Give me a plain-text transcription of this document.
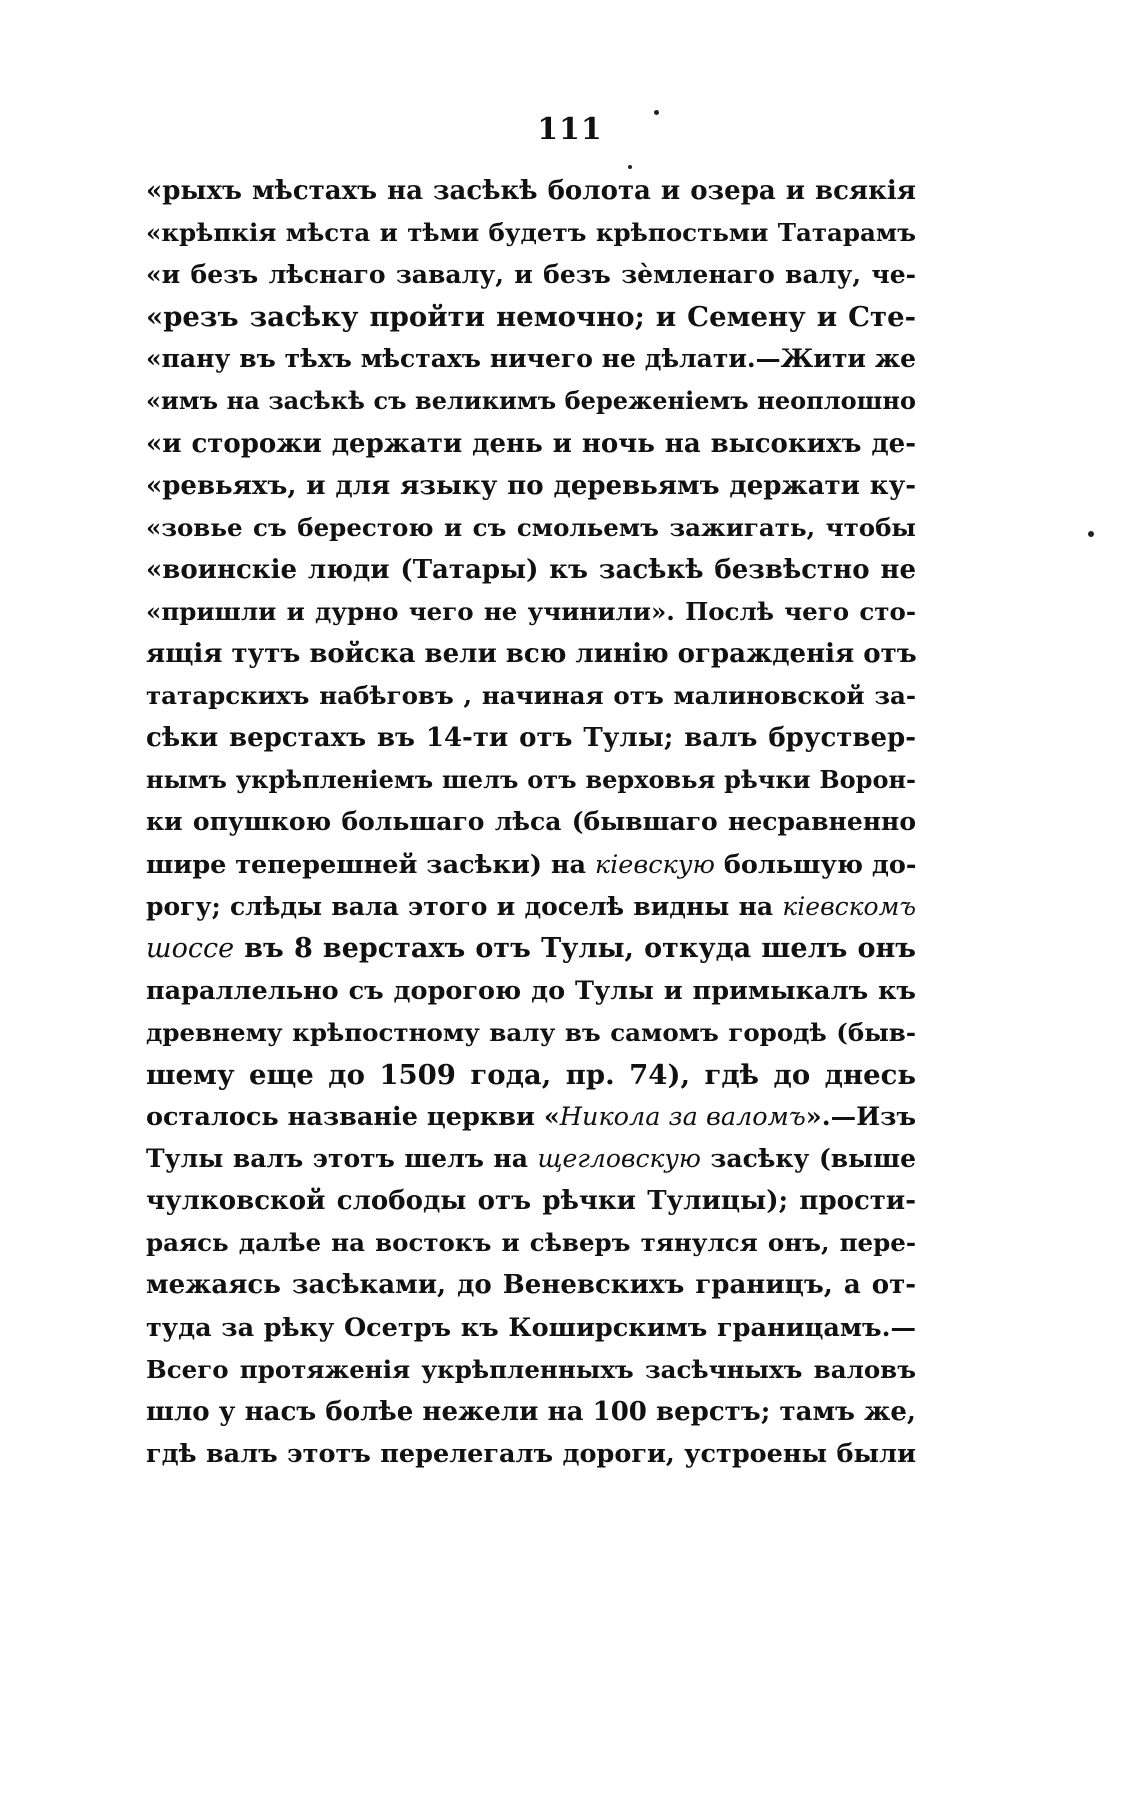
111
«рыхъ мѣстахъ на засѣкѣ болота и озера и всякія
«крѣпкія мѣста и тѣми будетъ крѣпостьми Татарамъ
«и безъ лѣснаго завалу, и безъ зѐмленаго валу, че-
«резъ засѣку пройти немочно; и Семену и Сте-
«пану въ тѣхъ мѣстахъ ничего не дѣлати.—Жити же
«имъ на засѣкѣ съ великимъ береженіемъ неоплошно
«и сторожи держати день и ночь на высокихъ де-
«ревьяхъ, и для языку по деревьямъ держати ку-
«зовье съ берестою и съ смольемъ зажигать, чтобы
«воинскіе люди (Татары) къ засѣкѣ безвѣстно не
«пришли и дурно чего не учинили». Послѣ чего сто-
ящія тутъ войска вели всю линію огражденія отъ
татарскихъ набѣговъ , начиная отъ малиновской за-
сѣки верстахъ въ 14-ти отъ Тулы; валъ бруствер-
нымъ укрѣпленіемъ шелъ отъ верховья рѣчки Ворон-
ки опушкою большаго лѣса (бывшаго несравненно
шире теперешней засѣки) на кіевскую большую до-
рогу; слѣды вала этого и доселѣ видны на кіевскомъ
шоссе въ 8 верстахъ отъ Тулы, откуда шелъ онъ
параллельно съ дорогою до Тулы и примыкалъ къ
древнему крѣпостному валу въ самомъ городѣ (быв-
шему еще до 1509 года, пр. 74), гдѣ до днесь
осталось названіе церкви «Никола за валомъ».—Изъ
Тулы валъ этотъ шелъ на щегловскую засѣку (выше
чулковской слободы отъ рѣчки Тулицы); прости-
раясь далѣе на востокъ и сѣверъ тянулся онъ, пере-
межаясь засѣками, до Веневскихъ границъ, а от-
туда за рѣку Осетръ къ Коширскимъ границамъ.—
Всего протяженія укрѣпленныхъ засѣчныхъ валовъ
шло у насъ болѣе нежели на 100 верстъ; тамъ же,
гдѣ валъ этотъ перелегалъ дороги, устроены были
